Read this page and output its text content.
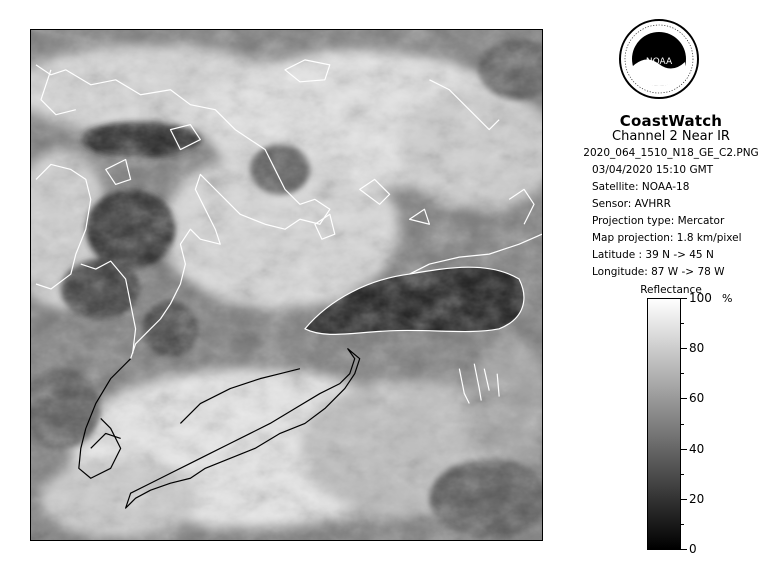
NOAA
CoastWatch
Channel 2 Near IR
2020_064_1510_N18_GE_C2.PNG
03/04/2020 15:10 GMT
Satellite: NOAA-18
Sensor: AVHRR
Projection type: Mercator
Map projection: 1.8 km/pixel
Latitude : 39 N -> 45 N
Longitude: 87 W -> 78 W
Reflectance
%
100
80
60
40
20
0
